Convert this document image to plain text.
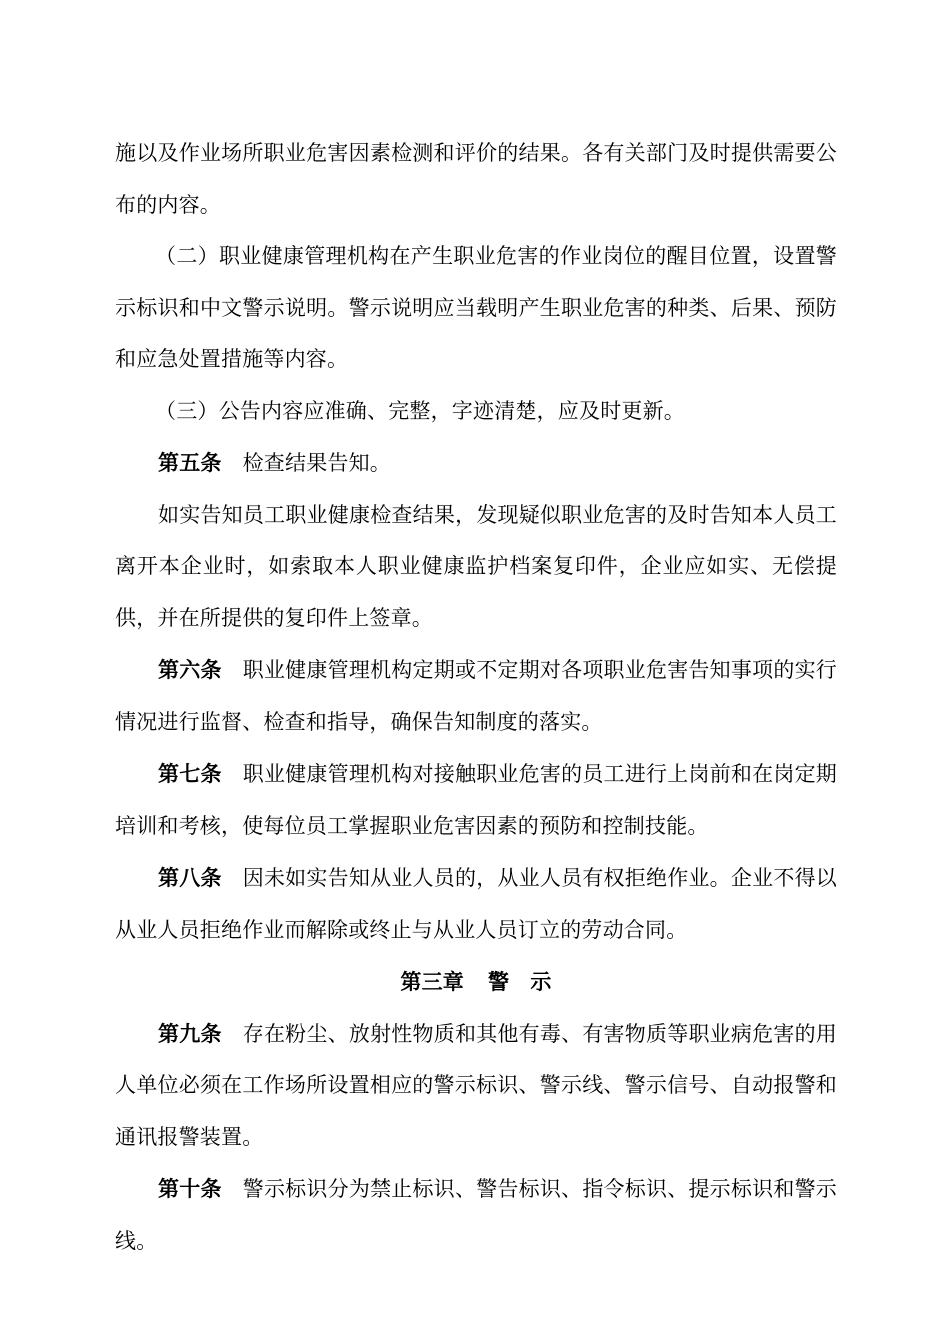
施以及作业场所职业危害因素检测和评价的结果。各有关部门及时提供需要公布的内容。

（二）职业健康管理机构在产生职业危害的作业岗位的醒目位置，设置警示标识和中文警示说明。警示说明应当载明产生职业危害的种类、后果、预防和应急处置措施等内容。

（三）公告内容应准确、完整，字迹清楚，应及时更新。

第五条 检查结果告知。

如实告知员工职业健康检查结果，发现疑似职业危害的及时告知本人员工离开本企业时，如索取本人职业健康监护档案复印件，企业应如实、无偿提供，并在所提供的复印件上签章。

第六条 职业健康管理机构定期或不定期对各项职业危害告知事项的实行情况进行监督、检查和指导，确保告知制度的落实。

第七条 职业健康管理机构对接触职业危害的员工进行上岗前和在岗定期培训和考核，使每位员工掌握职业危害因素的预防和控制技能。

第八条 因未如实告知从业人员的，从业人员有权拒绝作业。企业不得以从业人员拒绝作业而解除或终止与从业人员订立的劳动合同。

第三章 警　示

第九条 存在粉尘、放射性物质和其他有毒、有害物质等职业病危害的用人单位必须在工作场所设置相应的警示标识、警示线、警示信号、自动报警和通讯报警装置。

第十条 警示标识分为禁止标识、警告标识、指令标识、提示标识和警示线。
